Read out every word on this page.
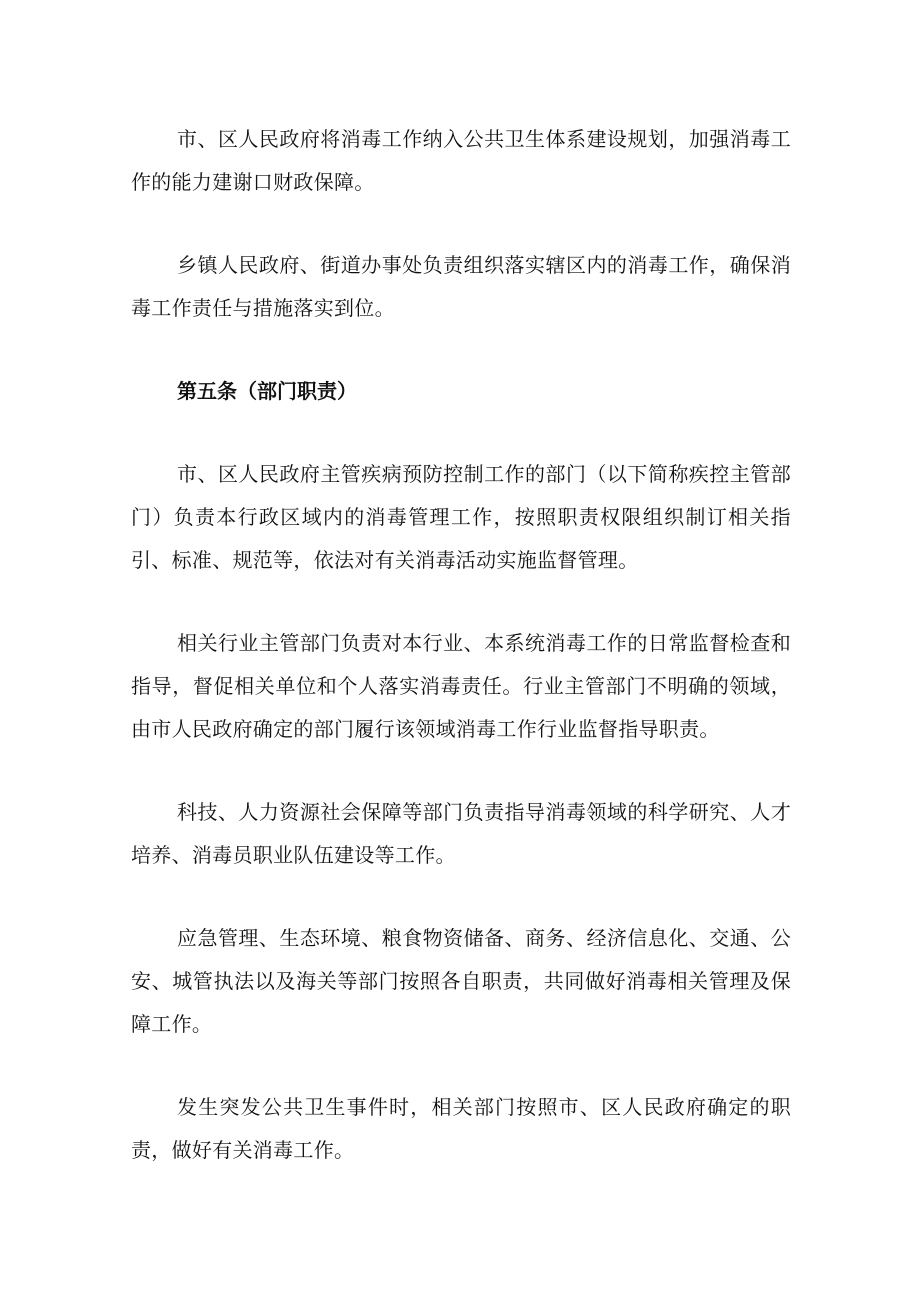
市、区人民政府将消毒工作纳入公共卫生体系建设规划，加强消毒工作的能力建谢口财政保障。

乡镇人民政府、街道办事处负责组织落实辖区内的消毒工作，确保消毒工作责任与措施落实到位。

第五条（部门职责）

市、区人民政府主管疾病预防控制工作的部门（以下简称疾控主管部门）负责本行政区域内的消毒管理工作，按照职责权限组织制订相关指引、标准、规范等，依法对有关消毒活动实施监督管理。

相关行业主管部门负责对本行业、本系统消毒工作的日常监督检查和指导，督促相关单位和个人落实消毒责任。行业主管部门不明确的领域，由市人民政府确定的部门履行该领域消毒工作行业监督指导职责。

科技、人力资源社会保障等部门负责指导消毒领域的科学研究、人才培养、消毒员职业队伍建设等工作。

应急管理、生态环境、粮食物资储备、商务、经济信息化、交通、公安、城管执法以及海关等部门按照各自职责，共同做好消毒相关管理及保障工作。

发生突发公共卫生事件时，相关部门按照市、区人民政府确定的职责，做好有关消毒工作。
